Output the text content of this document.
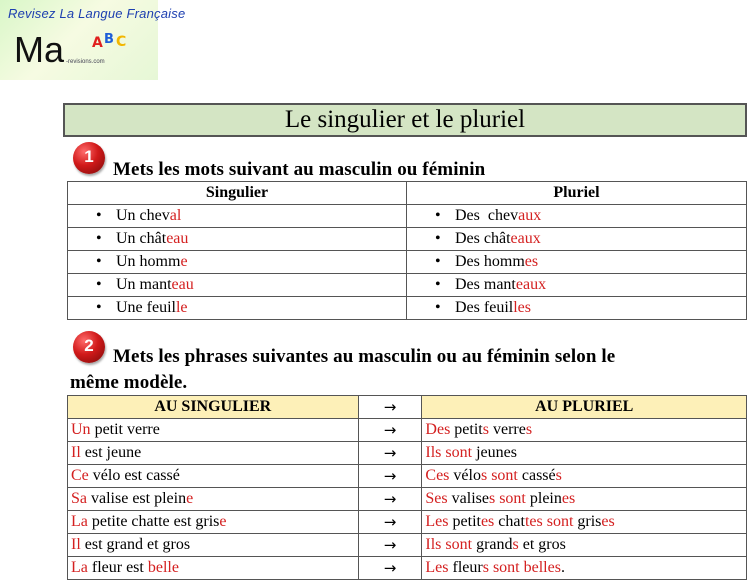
Revisez La Langue Française
Ma A B C
-revisions.com
Le singulier et le pluriel
1
Mets les mots suivant au masculin ou féminin
Singulier	Pluriel
• Un cheval	• Des  chevaux
• Un château	• Des châteaux
• Un homme	• Des hommes
• Un manteau	• Des manteaux
• Une feuille	• Des feuilles
2
Mets les phrases suivantes au masculin ou au féminin selon le
même modèle.
AU SINGULIER	→	AU PLURIEL
Un petit verre	→	Des petits verres
Il est jeune	→	Ils sont jeunes
Ce vélo est cassé	→	Ces vélos sont cassés
Sa valise est pleine	→	Ses valises sont pleines
La petite chatte est grise	→	Les petites chattes sont grises
Il est grand et gros	→	Ils sont grands et gros
La fleur est belle	→	Les fleurs sont belles.
